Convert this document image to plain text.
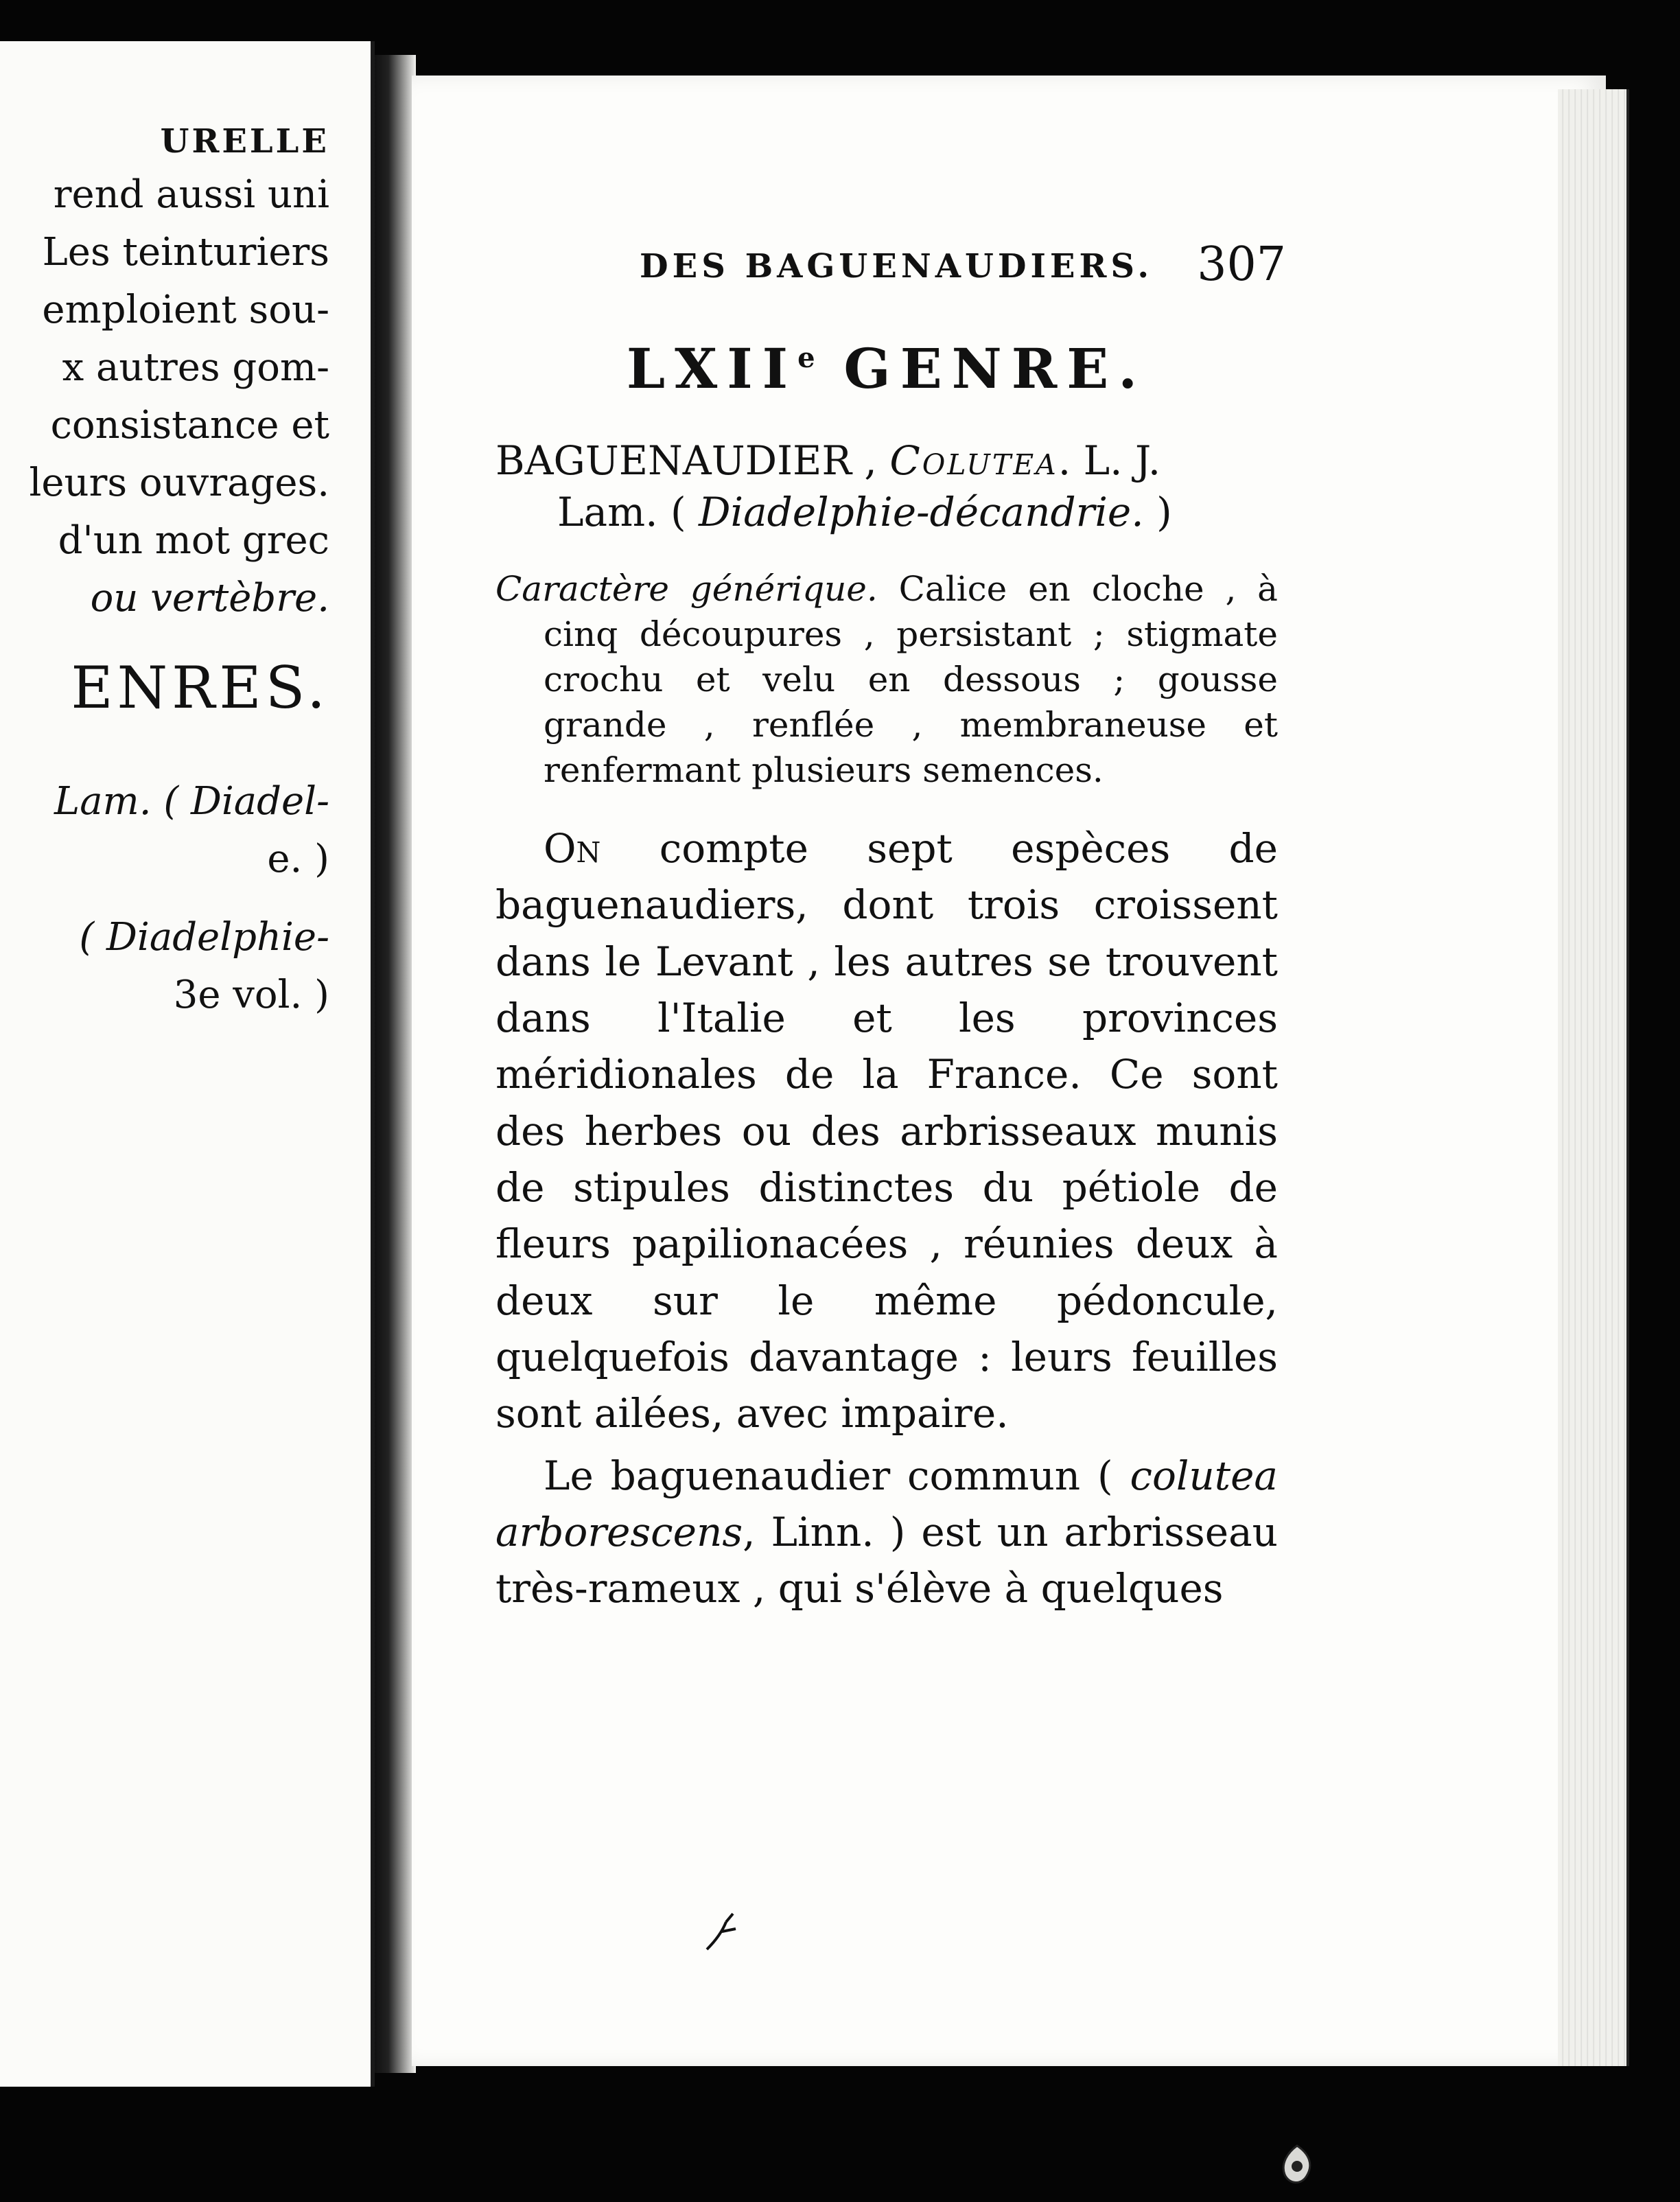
URELLE
rend aussi uni
Les teinturiers
emploient sou-
x autres gom-
consistance et
leurs ouvrages.
d'un mot grec
ou vertèbre.
ENRES.
Lam. ( Diadel-
e. )
( Diadelphie-
3e vol. )
DES BAGUENAUDIERS. 307
LXIIe GENRE.

BAGUENAUDIER , Colutea. L. J.

Lam. ( Diadelphie-décandrie. )

Caractère générique. Calice en cloche , à cinq découpures , persistant ; stigmate crochu et velu en dessous ; gousse grande , renflée , membraneuse et renfermant plusieurs semences.

On compte sept espèces de baguenaudiers, dont trois croissent dans le Levant , les autres se trouvent dans l'Italie et les provinces méridionales de la France. Ce sont des herbes ou des arbrisseaux munis de stipules distinctes du pétiole de fleurs papilionacées , réunies deux à deux sur le même pédoncule, quelquefois davantage : leurs feuilles sont ailées, avec impaire.

Le baguenaudier commun ( colutea arborescens, Linn. ) est un arbrisseau très-rameux , qui s'élève à quelques
